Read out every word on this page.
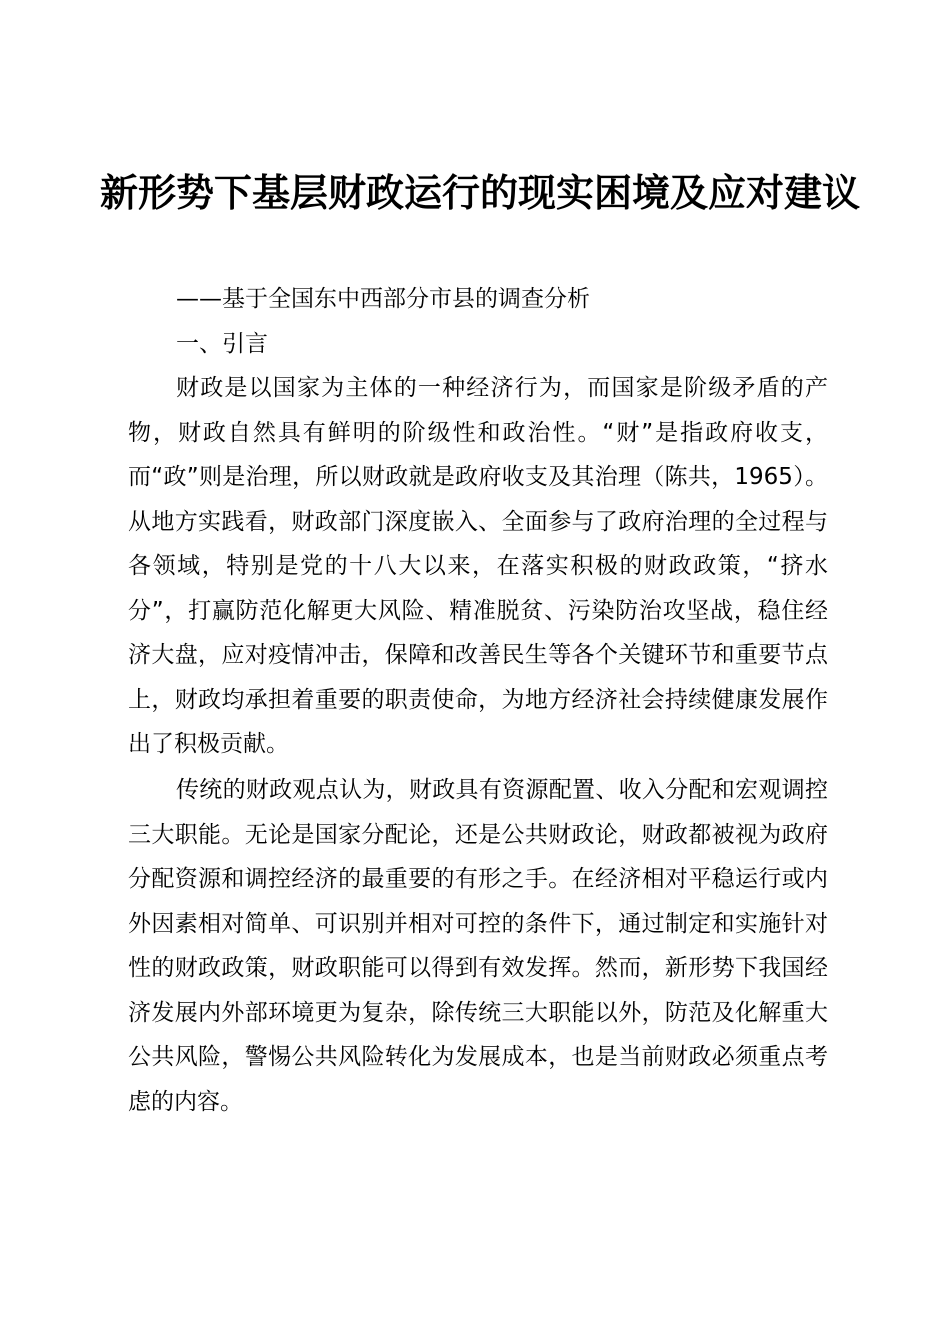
新形势下基层财政运行的现实困境及应对建议

——基于全国东中西部分市县的调查分析

一、引言

财政是以国家为主体的一种经济行为，而国家是阶级矛盾的产物，财政自然具有鲜明的阶级性和政治性。“财”是指政府收支，而“政”则是治理，所以财政就是政府收支及其治理（陈共，1965）。从地方实践看，财政部门深度嵌入、全面参与了政府治理的全过程与各领域，特别是党的十八大以来，在落实积极的财政政策，“挤水分”，打赢防范化解更大风险、精准脱贫、污染防治攻坚战，稳住经济大盘，应对疫情冲击，保障和改善民生等各个关键环节和重要节点上，财政均承担着重要的职责使命，为地方经济社会持续健康发展作出了积极贡献。

传统的财政观点认为，财政具有资源配置、收入分配和宏观调控三大职能。无论是国家分配论，还是公共财政论，财政都被视为政府分配资源和调控经济的最重要的有形之手。在经济相对平稳运行或内外因素相对简单、可识别并相对可控的条件下，通过制定和实施针对性的财政政策，财政职能可以得到有效发挥。然而，新形势下我国经济发展内外部环境更为复杂，除传统三大职能以外，防范及化解重大公共风险，警惕公共风险转化为发展成本，也是当前财政必须重点考虑的内容。
